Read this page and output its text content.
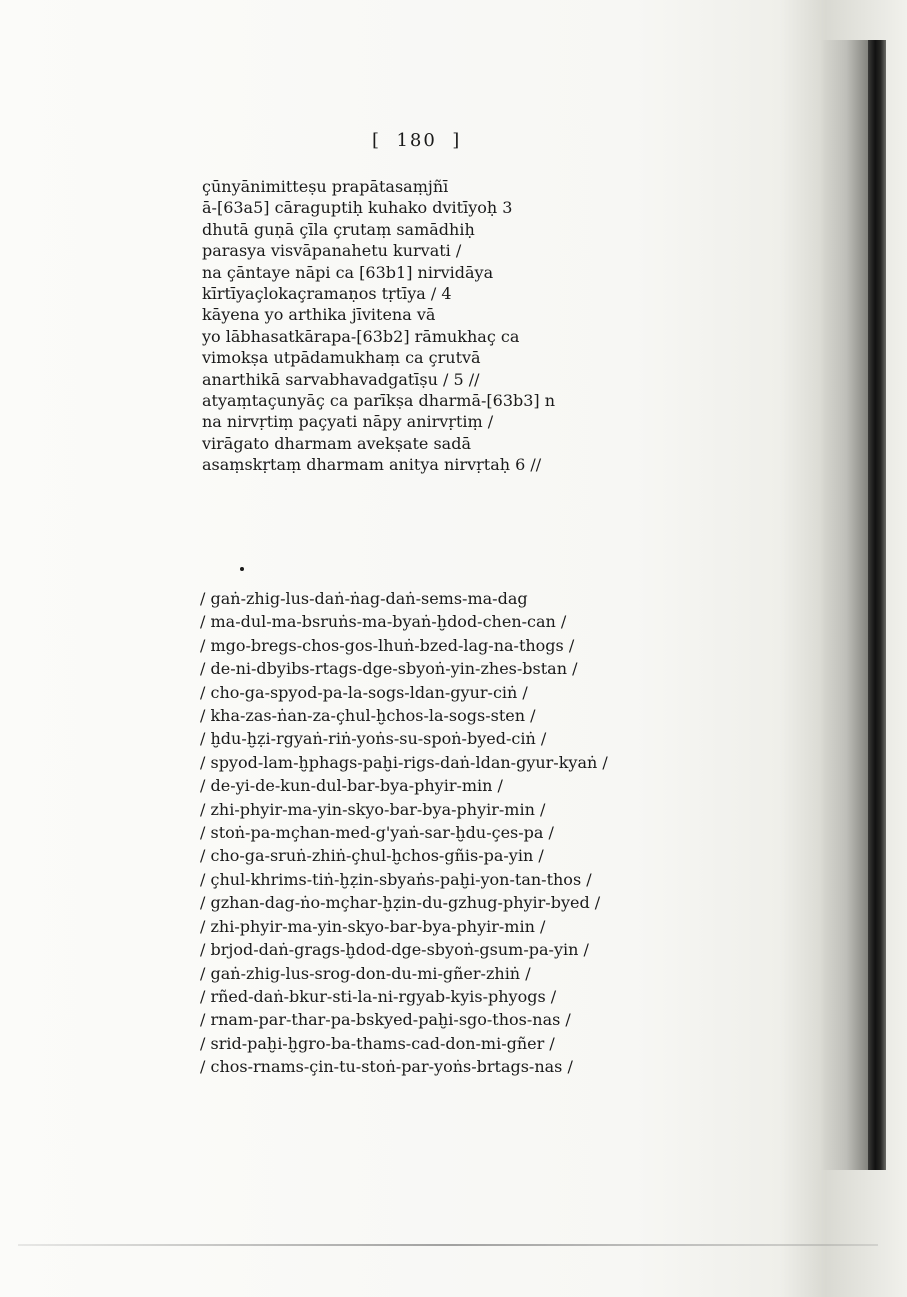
[  180  ]
çūnyānimitteṣu prapātasaṃjñī
ā-[63a5] cāraguptiḥ kuhako dvitīyoḥ 3
dhutā guṇā çīla çrutaṃ samādhiḥ
parasya visvāpanahetu kurvati /
na çāntaye nāpi ca [63b1] nirvidāya
kīrtīyaçlokaçramaṇos tṛtīya / 4
kāyena yo arthika jīvitena vā
yo lābhasatkārapa-[63b2] rāmukhaç ca
vimokṣa utpādamukhaṃ ca çrutvā
anarthikā sarvabhavadgatīṣu / 5 //
atyaṃtaçunyāç ca parīkṣa dharmā-[63b3] n
na nirvṛtiṃ paçyati nāpy anirvṛtiṃ /
virāgato dharmam avekṣate sadā
asaṃskṛtaṃ dharmam anitya nirvṛtaḥ 6 //
/ gaṅ-zhig-lus-daṅ-ṅag-daṅ-sems-ma-dag
/ ma-dul-ma-bsruṅs-ma-byaṅ-ḫdod-chen-can /
/ mgo-bregs-chos-gos-lhuṅ-bzed-lag-na-thogs /
/ de-ni-dbyibs-rtags-dge-sbyoṅ-yin-zhes-bstan /
/ cho-ga-spyod-pa-la-sogs-ldan-gyur-ciṅ /
/ kha-zas-ṅan-za-çhul-ḫchos-la-sogs-sten /
/ ḫdu-ḫẓi-rgyaṅ-riṅ-yoṅs-su-spoṅ-byed-ciṅ /
/ spyod-lam-ḫphags-paḫi-rigs-daṅ-ldan-gyur-kyaṅ /
/ de-yi-de-kun-dul-bar-bya-phyir-min /
/ zhi-phyir-ma-yin-skyo-bar-bya-phyir-min /
/ stoṅ-pa-mçhan-med-g'yaṅ-sar-ḫdu-çes-pa /
/ cho-ga-sruṅ-zhiṅ-çhul-ḫchos-gñis-pa-yin /
/ çhul-khrims-tiṅ-ḫẓin-sbyaṅs-paḫi-yon-tan-thos /
/ gzhan-dag-ṅo-mçhar-ḫẓin-du-gzhug-phyir-byed /
/ zhi-phyir-ma-yin-skyo-bar-bya-phyir-min /
/ brjod-daṅ-grags-ḫdod-dge-sbyoṅ-gsum-pa-yin /
/ gaṅ-zhig-lus-srog-don-du-mi-gñer-zhiṅ /
/ rñed-daṅ-bkur-sti-la-ni-rgyab-kyis-phyogs /
/ rnam-par-thar-pa-bskyed-paḫi-sgo-thos-nas /
/ srid-paḫi-ḫgro-ba-thams-cad-don-mi-gñer /
/ chos-rnams-çin-tu-stoṅ-par-yoṅs-brtags-nas /
